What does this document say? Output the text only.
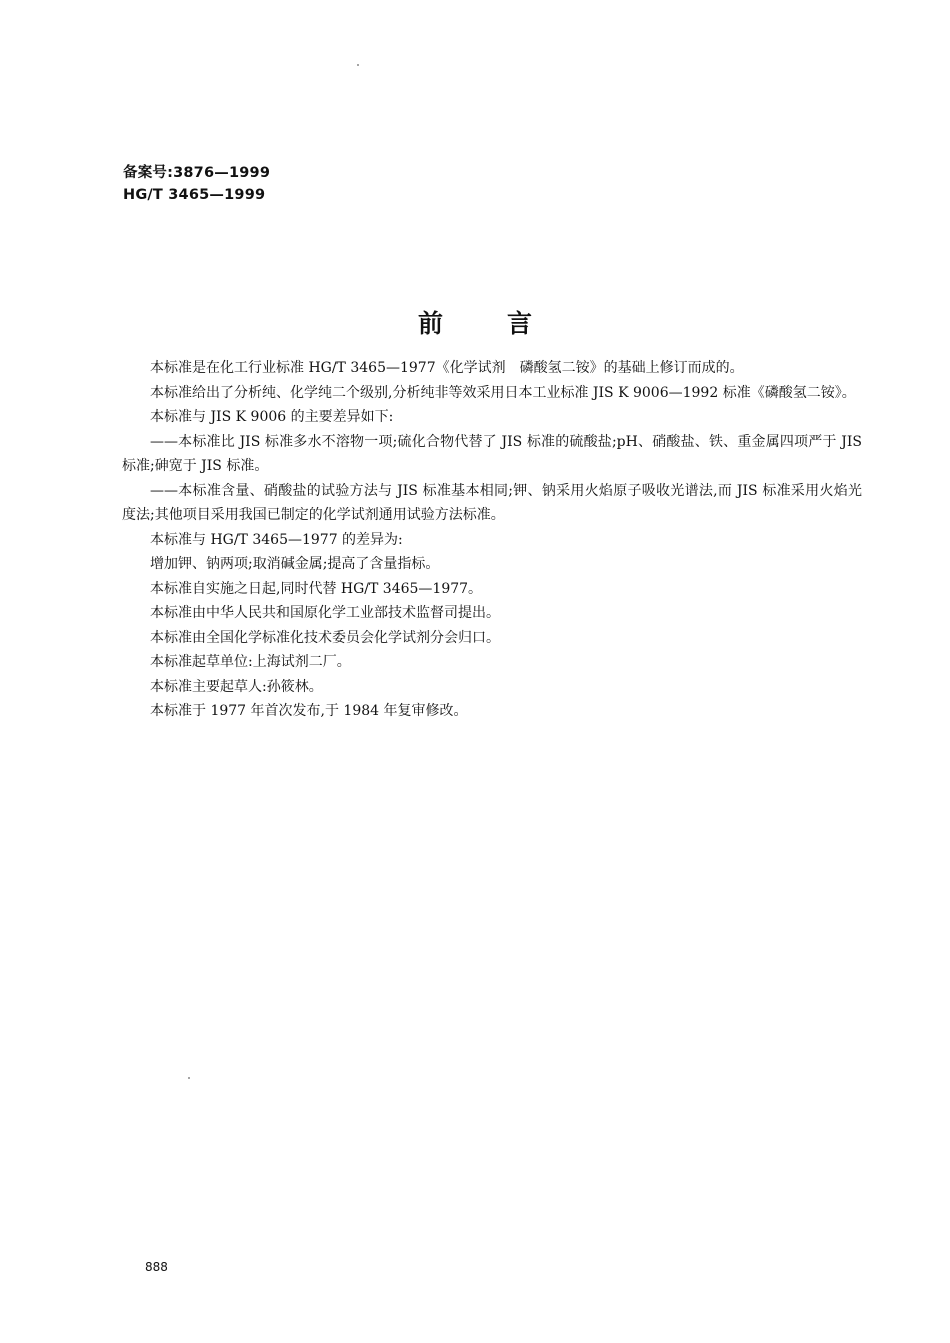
备案号:3876—1999
HG/T 3465—1999
前言

本标准是在化工行业标准 HG/T 3465—1977《化学试剂　磷酸氢二铵》的基础上修订而成的。

本标准给出了分析纯、化学纯二个级别,分析纯非等效采用日本工业标准 JIS K 9006—1992 标准《磷酸氢二铵》。

本标准与 JIS K 9006 的主要差异如下:

——本标准比 JIS 标准多水不溶物一项;硫化合物代替了 JIS 标准的硫酸盐;pH、硝酸盐、铁、重金属四项严于 JIS 标准;砷宽于 JIS 标准。

——本标准含量、硝酸盐的试验方法与 JIS 标准基本相同;钾、钠采用火焰原子吸收光谱法,而 JIS 标准采用火焰光度法;其他项目采用我国已制定的化学试剂通用试验方法标准。

本标准与 HG/T 3465—1977 的差异为:

增加钾、钠两项;取消碱金属;提高了含量指标。

本标准自实施之日起,同时代替 HG/T 3465—1977。

本标准由中华人民共和国原化学工业部技术监督司提出。

本标准由全国化学标准化技术委员会化学试剂分会归口。

本标准起草单位:上海试剂二厂。

本标准主要起草人:孙筱林。

本标准于 1977 年首次发布,于 1984 年复审修改。

888
